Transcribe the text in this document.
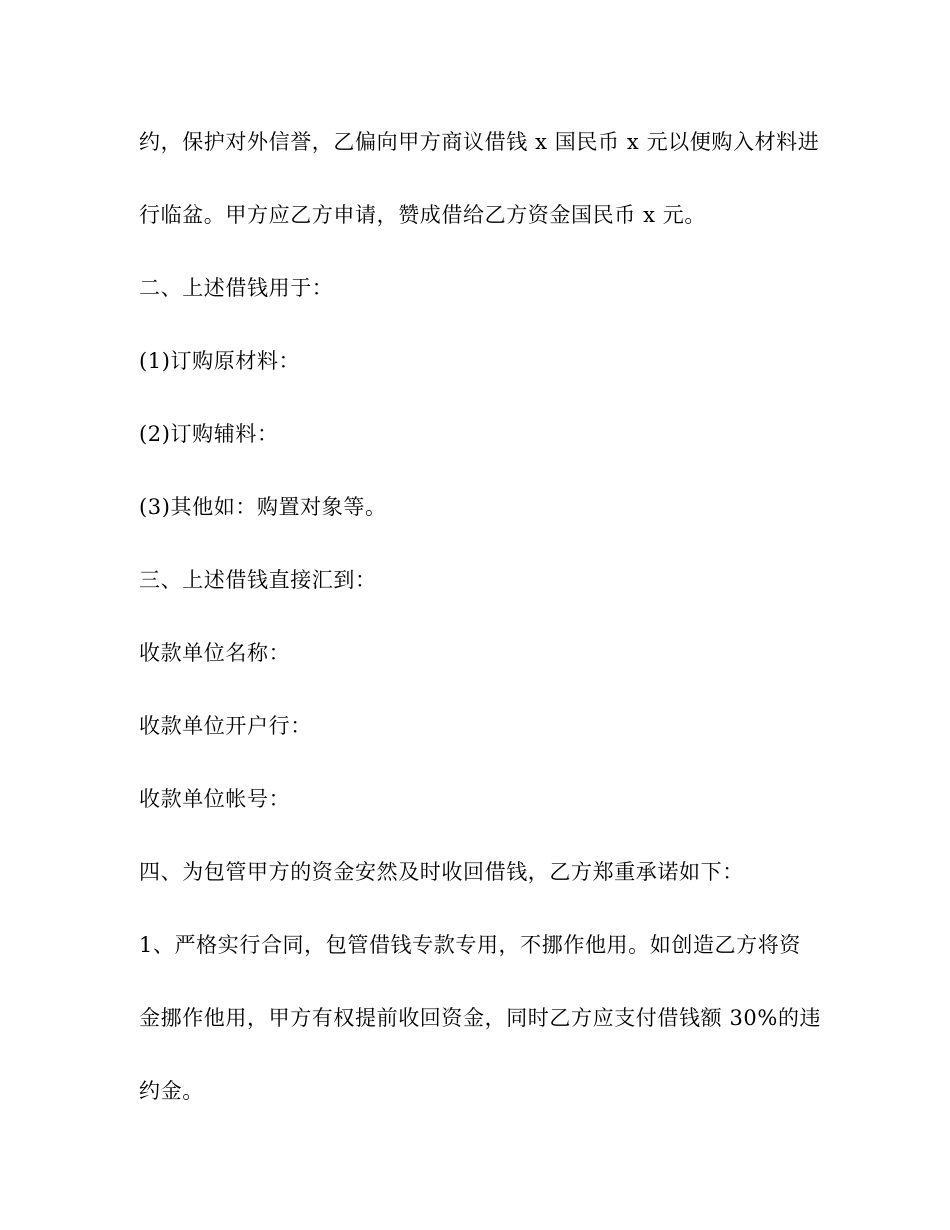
约，保护对外信誉，乙偏向甲方商议借钱 x 国民币 x 元以便购入材料进
行临盆。甲方应乙方申请，赞成借给乙方资金国民币 x 元。
二、上述借钱用于：
(1)订购原材料：
(2)订购辅料：
(3)其他如：购置对象等。
三、上述借钱直接汇到：
收款单位名称：
收款单位开户行：
收款单位帐号：
四、为包管甲方的资金安然及时收回借钱，乙方郑重承诺如下：
1、严格实行合同，包管借钱专款专用，不挪作他用。如创造乙方将资
金挪作他用，甲方有权提前收回资金，同时乙方应支付借钱额 30%的违
约金。
